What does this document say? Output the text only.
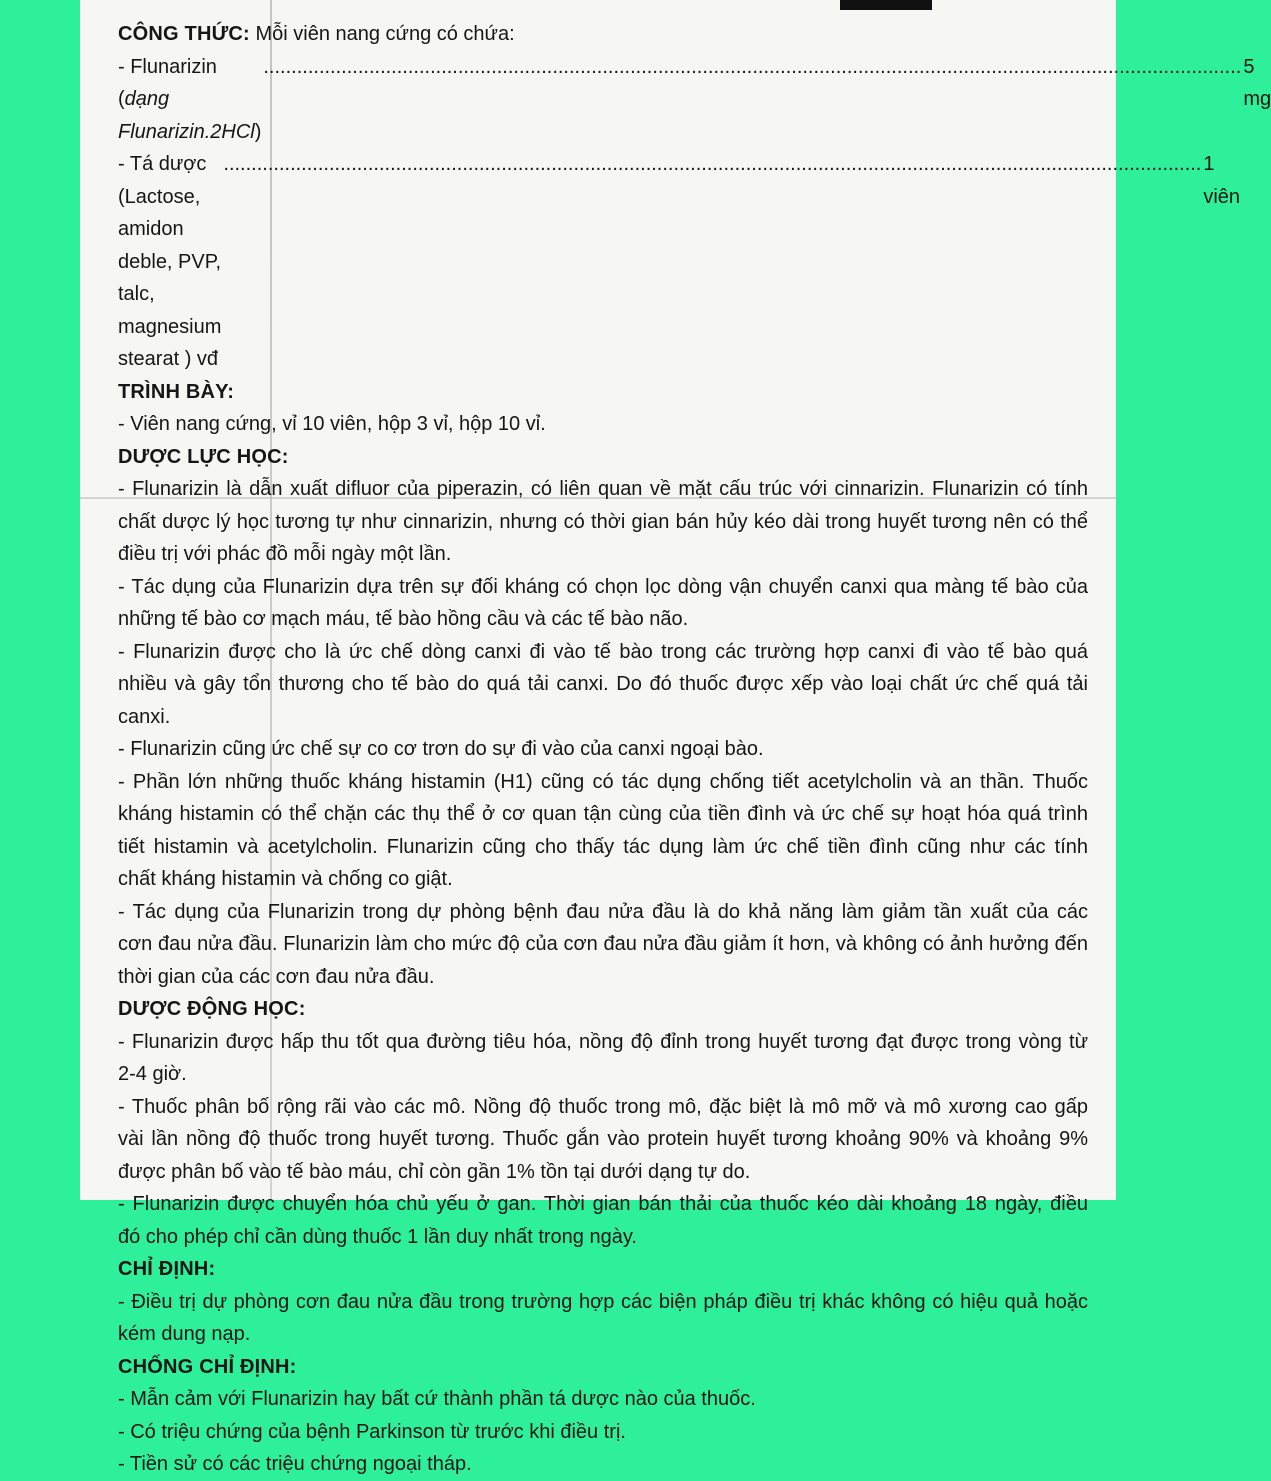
CÔNG THỨC: Mỗi viên nang cứng có chứa:

- Flunarizin (dạng Flunarizin.2HCl)
.....
5 mg

- Tá dược (Lactose, amidon deble, PVP, talc, magnesium stearat ) vđ
.....
1 viên

TRÌNH BÀY:

- Viên nang cứng, vỉ 10 viên, hộp 3 vỉ, hộp 10 vỉ.

DƯỢC LỰC HỌC:

- Flunarizin là dẫn xuất difluor của piperazin, có liên quan về mặt cấu trúc với cinnarizin. Flunarizin có tính

chất dược lý học tương tự như cinnarizin, nhưng có thời gian bán hủy kéo dài trong huyết tương nên có thể

điều trị với phác đồ mỗi ngày một lần.

- Tác dụng của Flunarizin dựa trên sự đối kháng có chọn lọc dòng vận chuyển canxi qua màng tế bào của

những tế bào cơ mạch máu, tế bào hồng cầu và các tế bào não.

- Flunarizin được cho là ức chế dòng canxi đi vào tế bào trong các trường hợp canxi đi vào tế bào quá

nhiều và gây tổn thương cho tế bào do quá tải canxi. Do đó thuốc được xếp vào loại chất ức chế quá tải

canxi.

- Flunarizin cũng ức chế sự co cơ trơn do sự đi vào của canxi ngoại bào.

- Phần lớn những thuốc kháng histamin (H1) cũng có tác dụng chống tiết acetylcholin và an thần. Thuốc

kháng histamin có thể chặn các thụ thể ở cơ quan tận cùng của tiền đình và ức chế sự hoạt hóa quá trình

tiết histamin và acetylcholin. Flunarizin cũng cho thấy tác dụng làm ức chế tiền đình cũng như các tính

chất kháng histamin và chống co giật.

- Tác dụng của Flunarizin trong dự phòng bệnh đau nửa đầu là do khả năng làm giảm tần xuất của các

cơn đau nửa đầu. Flunarizin làm cho mức độ của cơn đau nửa đầu giảm ít hơn, và không có ảnh hưởng đến

thời gian của các cơn đau nửa đầu.

DƯỢC ĐỘNG HỌC:

- Flunarizin được hấp thu tốt qua đường tiêu hóa, nồng độ đỉnh trong huyết tương đạt được trong vòng từ

2-4 giờ.

- Thuốc phân bố rộng rãi vào các mô. Nồng độ thuốc trong mô, đặc biệt là mô mỡ và mô xương cao gấp

vài lần nồng độ thuốc trong huyết tương. Thuốc gắn vào protein huyết tương khoảng 90% và khoảng 9%

được phân bố vào tế bào máu, chỉ còn gần 1% tồn tại dưới dạng tự do.

- Flunarizin được chuyển hóa chủ yếu ở gan. Thời gian bán thải của thuốc kéo dài khoảng 18 ngày, điều

đó cho phép chỉ cần dùng thuốc 1 lần duy nhất trong ngày.

CHỈ ĐỊNH:

- Điều trị dự phòng cơn đau nửa đầu trong trường hợp các biện pháp điều trị khác không có hiệu quả hoặc

kém dung nạp.

CHỐNG CHỈ ĐỊNH:

- Mẫn cảm với Flunarizin hay bất cứ thành phần tá dược nào của thuốc.

- Có triệu chứng của bệnh Parkinson từ trước khi điều trị.

- Tiền sử có các triệu chứng ngoại tháp.
